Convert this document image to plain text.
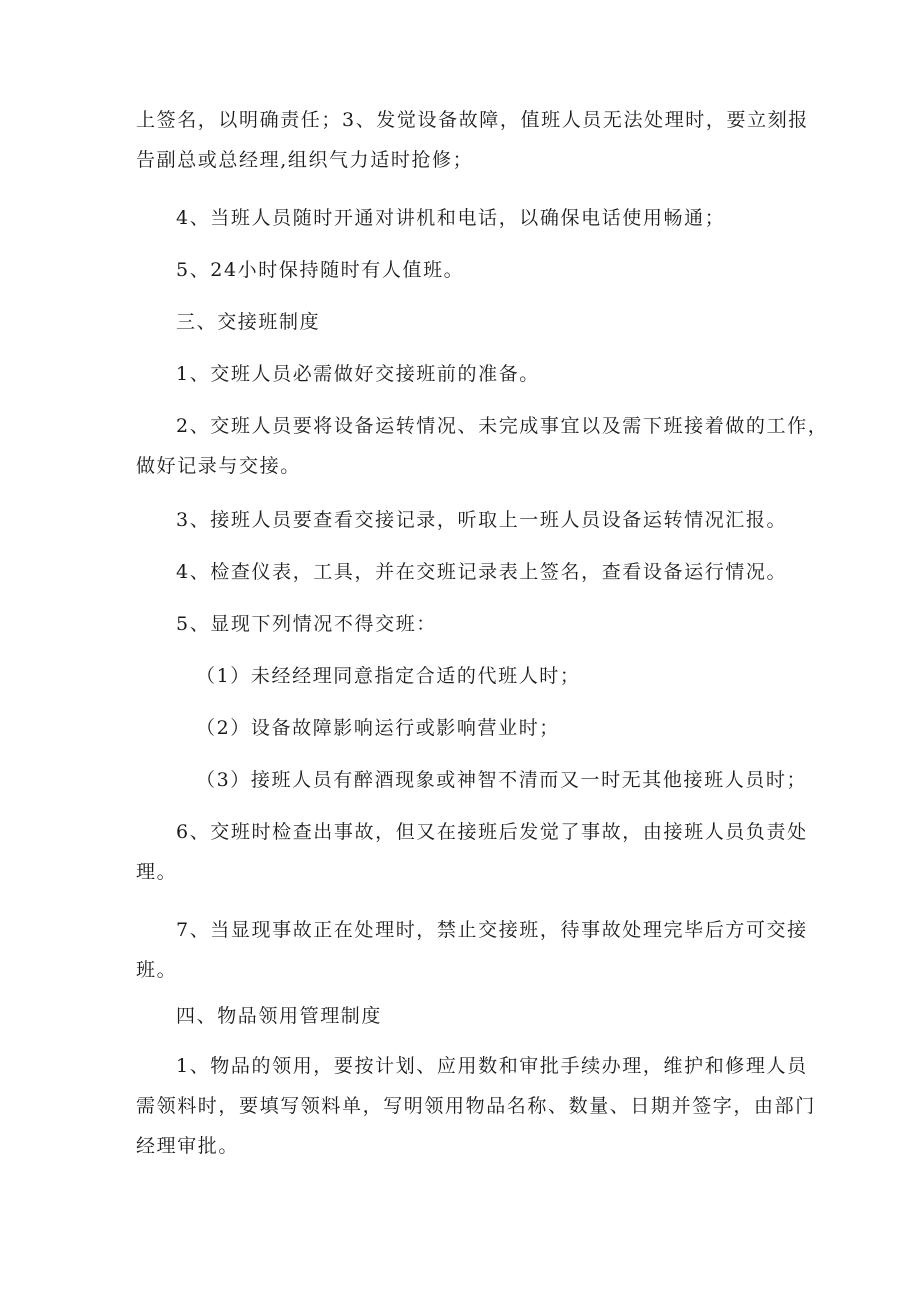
上签名，以明确责任；3、发觉设备故障，值班人员无法处理时，要立刻报
告副总或总经理,组织气力适时抢修；

4、当班人员随时开通对讲机和电话，以确保电话使用畅通；

5、24小时保持随时有人值班。

三、交接班制度

1、交班人员必需做好交接班前的准备。

2、交班人员要将设备运转情况、未完成事宜以及需下班接着做的工作，
做好记录与交接。

3、接班人员要查看交接记录，听取上一班人员设备运转情况汇报。

4、检查仪表，工具，并在交班记录表上签名，查看设备运行情况。

5、显现下列情况不得交班：

（1）未经经理同意指定合适的代班人时；

（2）设备故障影响运行或影响营业时；

（3）接班人员有醉酒现象或神智不清而又一时无其他接班人员时；

6、交班时检查出事故，但又在接班后发觉了事故，由接班人员负责处
理。

7、当显现事故正在处理时，禁止交接班，待事故处理完毕后方可交接
班。

四、物品领用管理制度

1、物品的领用，要按计划、应用数和审批手续办理，维护和修理人员
需领料时，要填写领料单，写明领用物品名称、数量、日期并签字，由部门
经理审批。
